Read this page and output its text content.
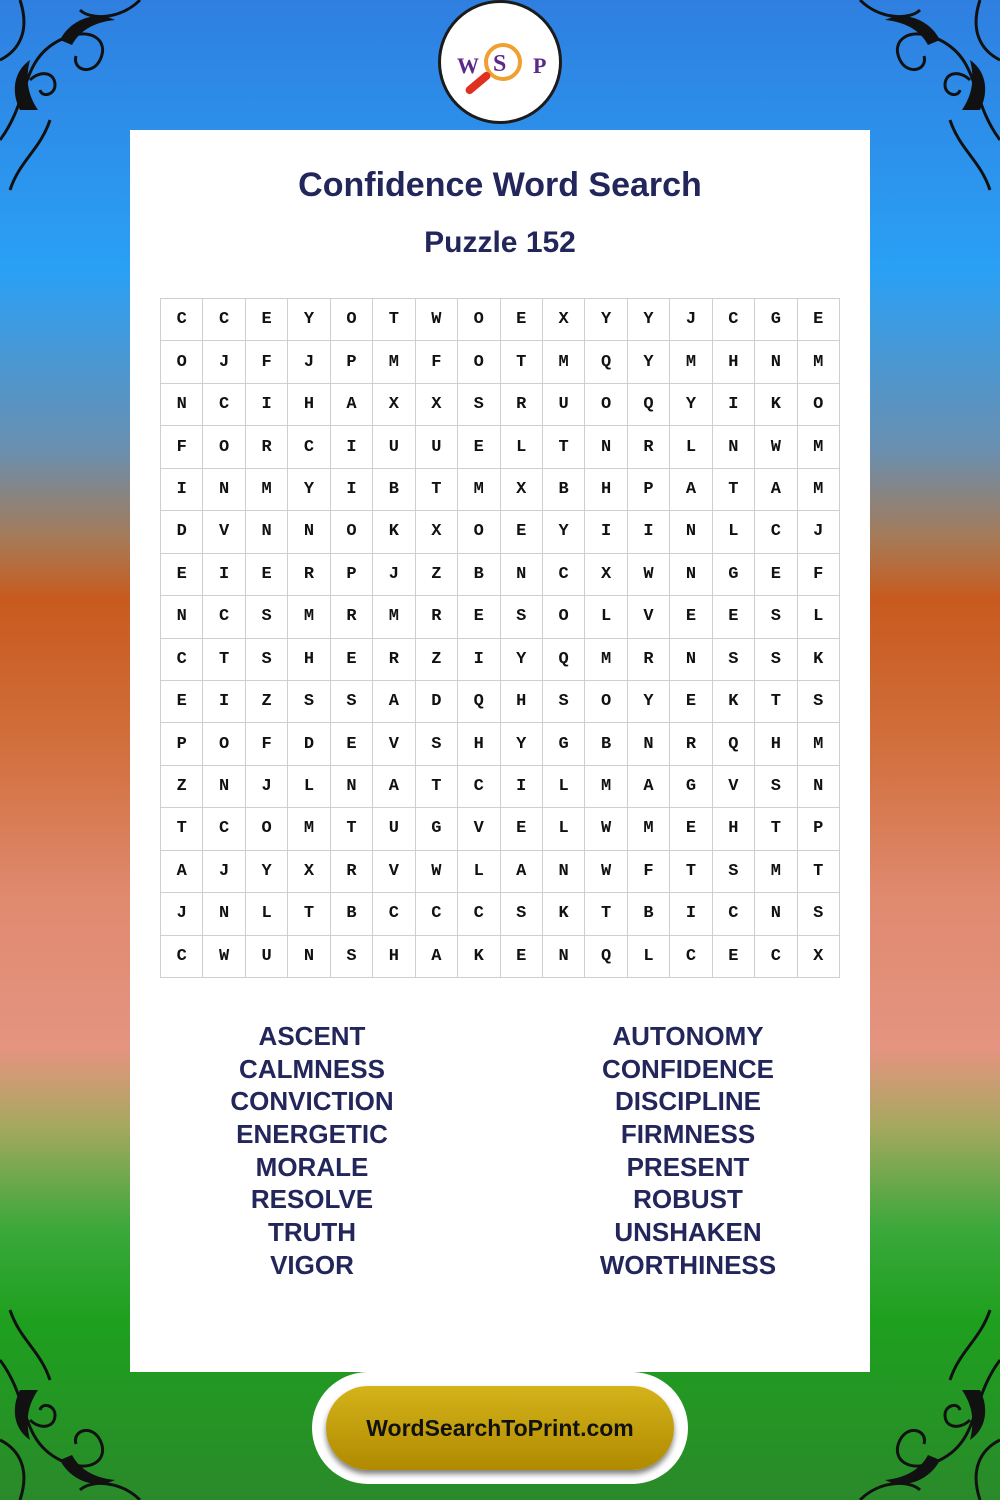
W S P
Confidence Word Search
Puzzle 152
C	C	E	Y	O	T	W	O	E	X	Y	Y	J	C	G	E
O	J	F	J	P	M	F	O	T	M	Q	Y	M	H	N	M
N	C	I	H	A	X	X	S	R	U	O	Q	Y	I	K	O
F	O	R	C	I	U	U	E	L	T	N	R	L	N	W	M
I	N	M	Y	I	B	T	M	X	B	H	P	A	T	A	M
D	V	N	N	O	K	X	O	E	Y	I	I	N	L	C	J
E	I	E	R	P	J	Z	B	N	C	X	W	N	G	E	F
N	C	S	M	R	M	R	E	S	O	L	V	E	E	S	L
C	T	S	H	E	R	Z	I	Y	Q	M	R	N	S	S	K
E	I	Z	S	S	A	D	Q	H	S	O	Y	E	K	T	S
P	O	F	D	E	V	S	H	Y	G	B	N	R	Q	H	M
Z	N	J	L	N	A	T	C	I	L	M	A	G	V	S	N
T	C	O	M	T	U	G	V	E	L	W	M	E	H	T	P
A	J	Y	X	R	V	W	L	A	N	W	F	T	S	M	T
J	N	L	T	B	C	C	C	S	K	T	B	I	C	N	S
C	W	U	N	S	H	A	K	E	N	Q	L	C	E	C	X
ASCENT
CALMNESS
CONVICTION
ENERGETIC
MORALE
RESOLVE
TRUTH
VIGOR
AUTONOMY
CONFIDENCE
DISCIPLINE
FIRMNESS
PRESENT
ROBUST
UNSHAKEN
WORTHINESS
WordSearchToPrint.com
